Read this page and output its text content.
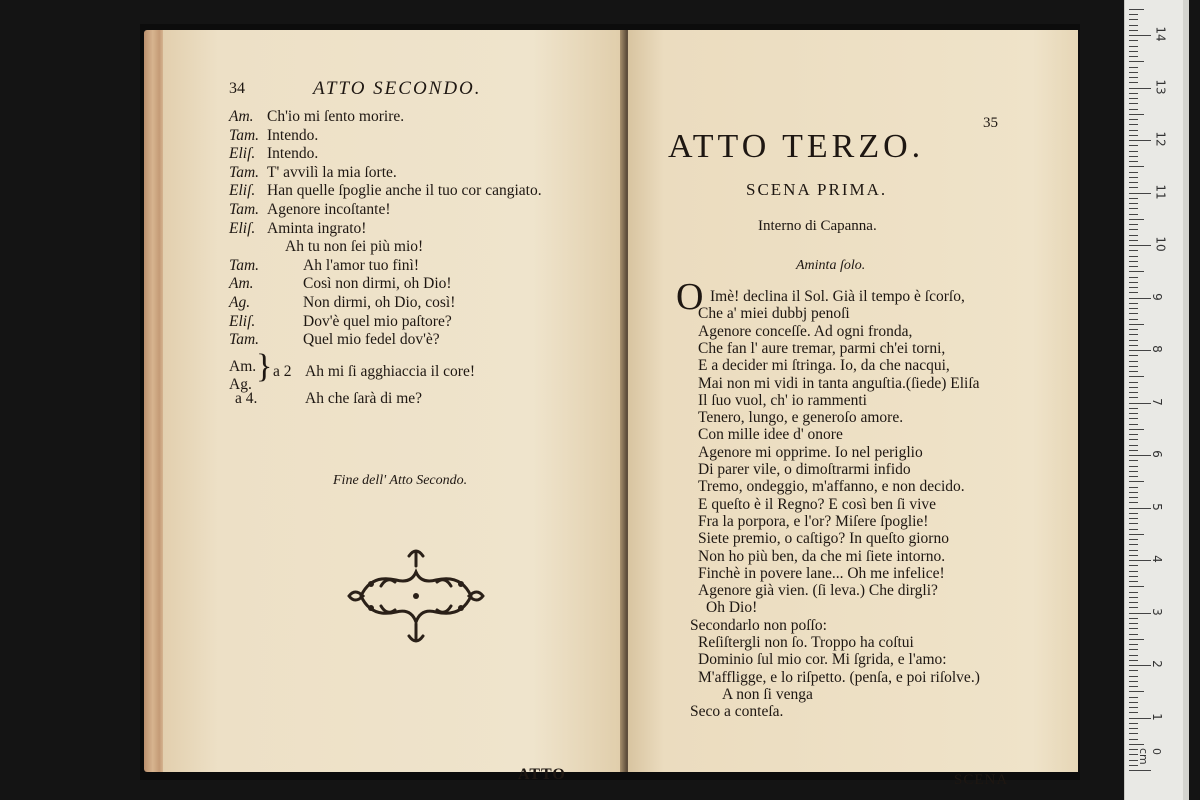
34	ATTO SECONDO.
Am. Ch'io mi ſento morire.
Tam. Intendo.
Eliſ. Intendo.
Tam. T' avvilì la mia ſorte.
Eliſ. Han quelle ſpoglie anche il tuo cor cangiato.
Tam. Agenore incoſtante!
Eliſ. Aminta ingrato!
Ah tu non ſei più mio!
Tam.	Ah l'amor tuo finì!
Am.	Così non dirmi, oh Dio!
Ag.	Non dirmi, oh Dio, così!
Eliſ.	Dov'è quel mio paſtore?
Tam.	Quel mio fedel dov'è?
Am.
Ag. } a 2 Ah mi ſi agghiaccia il core!
a 4.	Ah che ſarà di me?
Fine dell' Atto Secondo.
ATTO
35
ATTO TERZO.
SCENA PRIMA.
Interno di Capanna.
Aminta ſolo.
O Imè! declina il Sol. Già il tempo è ſcorſo,
Che a' miei dubbj penoſi
Agenore conceſſe. Ad ogni fronda,
Che fan l' aure tremar, parmi ch'ei torni,
E a decider mi ſtringa. Io, da che nacqui,
Mai non mi vidi in tanta anguſtia.(ſiede) Eliſa
Il ſuo vuol, ch' io rammenti
Tenero, lungo, e generoſo amore.
Con mille idee d' onore
Agenore mi opprime. Io nel periglio
Di parer vile, o dimoſtrarmi infido
Tremo, ondeggio, m'affanno, e non decido.
E queſto è il Regno? E così ben ſi vive
Fra la porpora, e l'or? Miſere ſpoglie!
Siete premio, o caſtigo? In queſto giorno
Non ho più ben, da che mi ſiete intorno.
Finchè in povere lane... Oh me infelice!
Agenore già vien. (ſi leva.) Che dirgli?
Oh Dio!
Secondarlo non poſſo:
Reſiſtergli non ſo. Troppo ha coſtui
Dominio ſul mio cor. Mi ſgrida, e l'amo:
M'affligge, e lo riſpetto. (penſa, e poi riſolve.)
A non ſi venga
Seco a conteſa.
SCENA
14
13
12
11
10
9
8
7
6
5
4
3
2
1
0 cm
